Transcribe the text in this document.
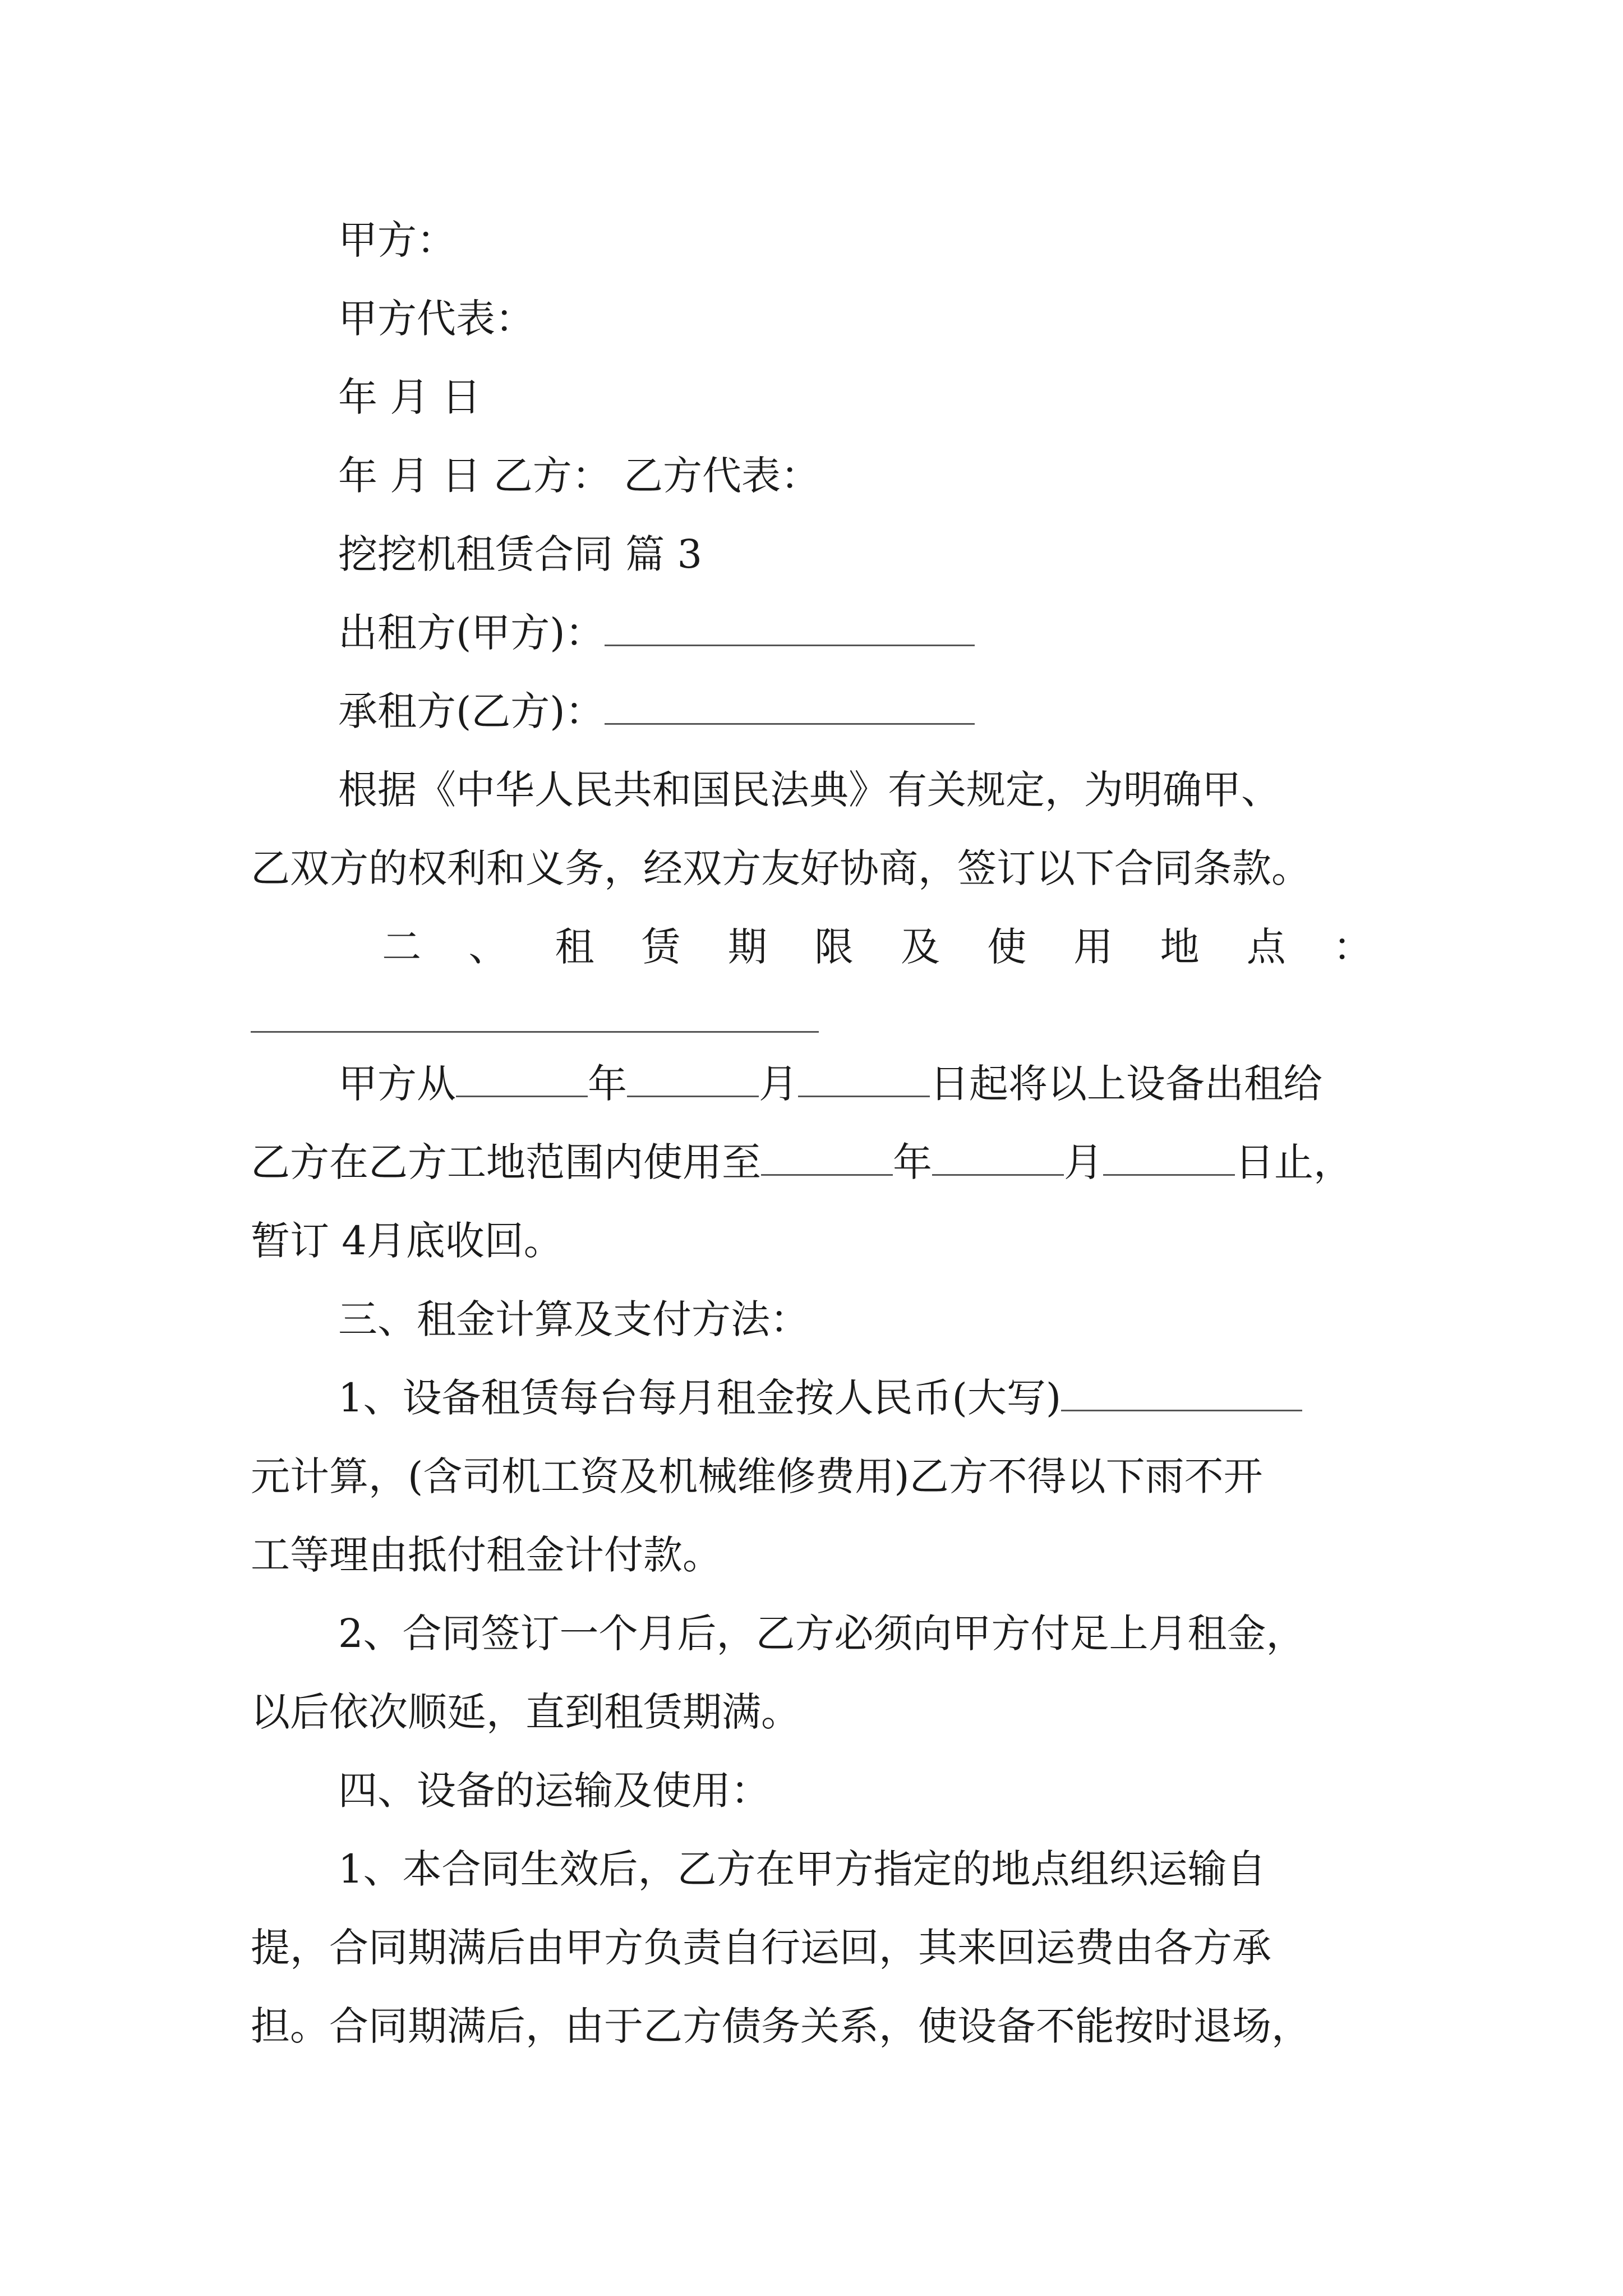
甲方：
甲方代表：
年 月 日
年 月 日 乙方： 乙方代表：
挖挖机租赁合同 篇 3
出租方(甲方)：
承租方(乙方)：
根据《中华人民共和国民法典》有关规定，为明确甲、
乙双方的权利和义务，经双方友好协商，签订以下合同条款。
二 、 租 赁 期 限 及 使 用 地 点 ：
甲方从	年	月	日起将以上设备出租给
乙方在乙方工地范围内使用至	年	月	日止，
暂订 4月底收回。
三、租金计算及支付方法：
1、设备租赁每台每月租金按人民币(大写)
元计算，(含司机工资及机械维修费用)乙方不得以下雨不开
工等理由抵付租金计付款。
2、合同签订一个月后，乙方必须向甲方付足上月租金，
以后依次顺延，直到租赁期满。
四、设备的运输及使用：
1、本合同生效后，乙方在甲方指定的地点组织运输自
提，合同期满后由甲方负责自行运回，其来回运费由各方承
担。合同期满后，由于乙方债务关系，使设备不能按时退场，
